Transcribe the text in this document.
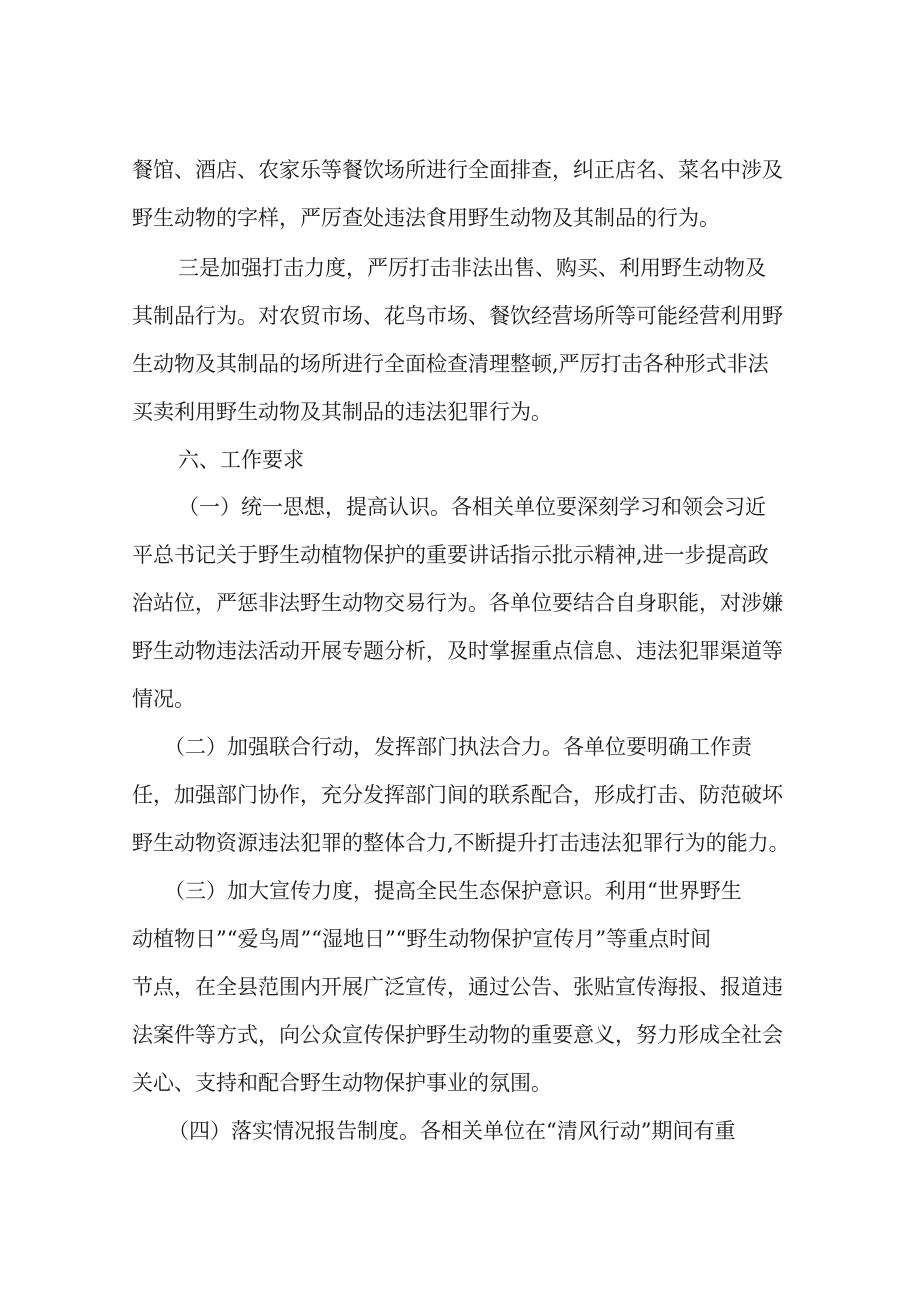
餐馆、酒店、农家乐等餐饮场所进行全面排查，纠正店名、菜名中涉及
野生动物的字样，严厉查处违法食用野生动物及其制品的行为。
三是加强打击力度，严厉打击非法出售、购买、利用野生动物及
其制品行为。对农贸市场、花鸟市场、餐饮经营场所等可能经营利用野
生动物及其制品的场所进行全面检查清理整顿,严厉打击各种形式非法
买卖利用野生动物及其制品的违法犯罪行为。
六、工作要求
（一）统一思想，提高认识。各相关单位要深刻学习和领会习近
平总书记关于野生动植物保护的重要讲话指示批示精神,进一步提高政
治站位，严惩非法野生动物交易行为。各单位要结合自身职能，对涉嫌
野生动物违法活动开展专题分析，及时掌握重点信息、违法犯罪渠道等
情况。
（二）加强联合行动，发挥部门执法合力。各单位要明确工作责
任，加强部门协作，充分发挥部门间的联系配合，形成打击、防范破坏
野生动物资源违法犯罪的整体合力,不断提升打击违法犯罪行为的能力。
（三）加大宣传力度，提高全民生态保护意识。利用“世界野生
动植物日”“爱鸟周”“湿地日”“野生动物保护宣传月”等重点时间
节点，在全县范围内开展广泛宣传，通过公告、张贴宣传海报、报道违
法案件等方式，向公众宣传保护野生动物的重要意义，努力形成全社会
关心、支持和配合野生动物保护事业的氛围。
（四）落实情况报告制度。各相关单位在“清风行动”期间有重
